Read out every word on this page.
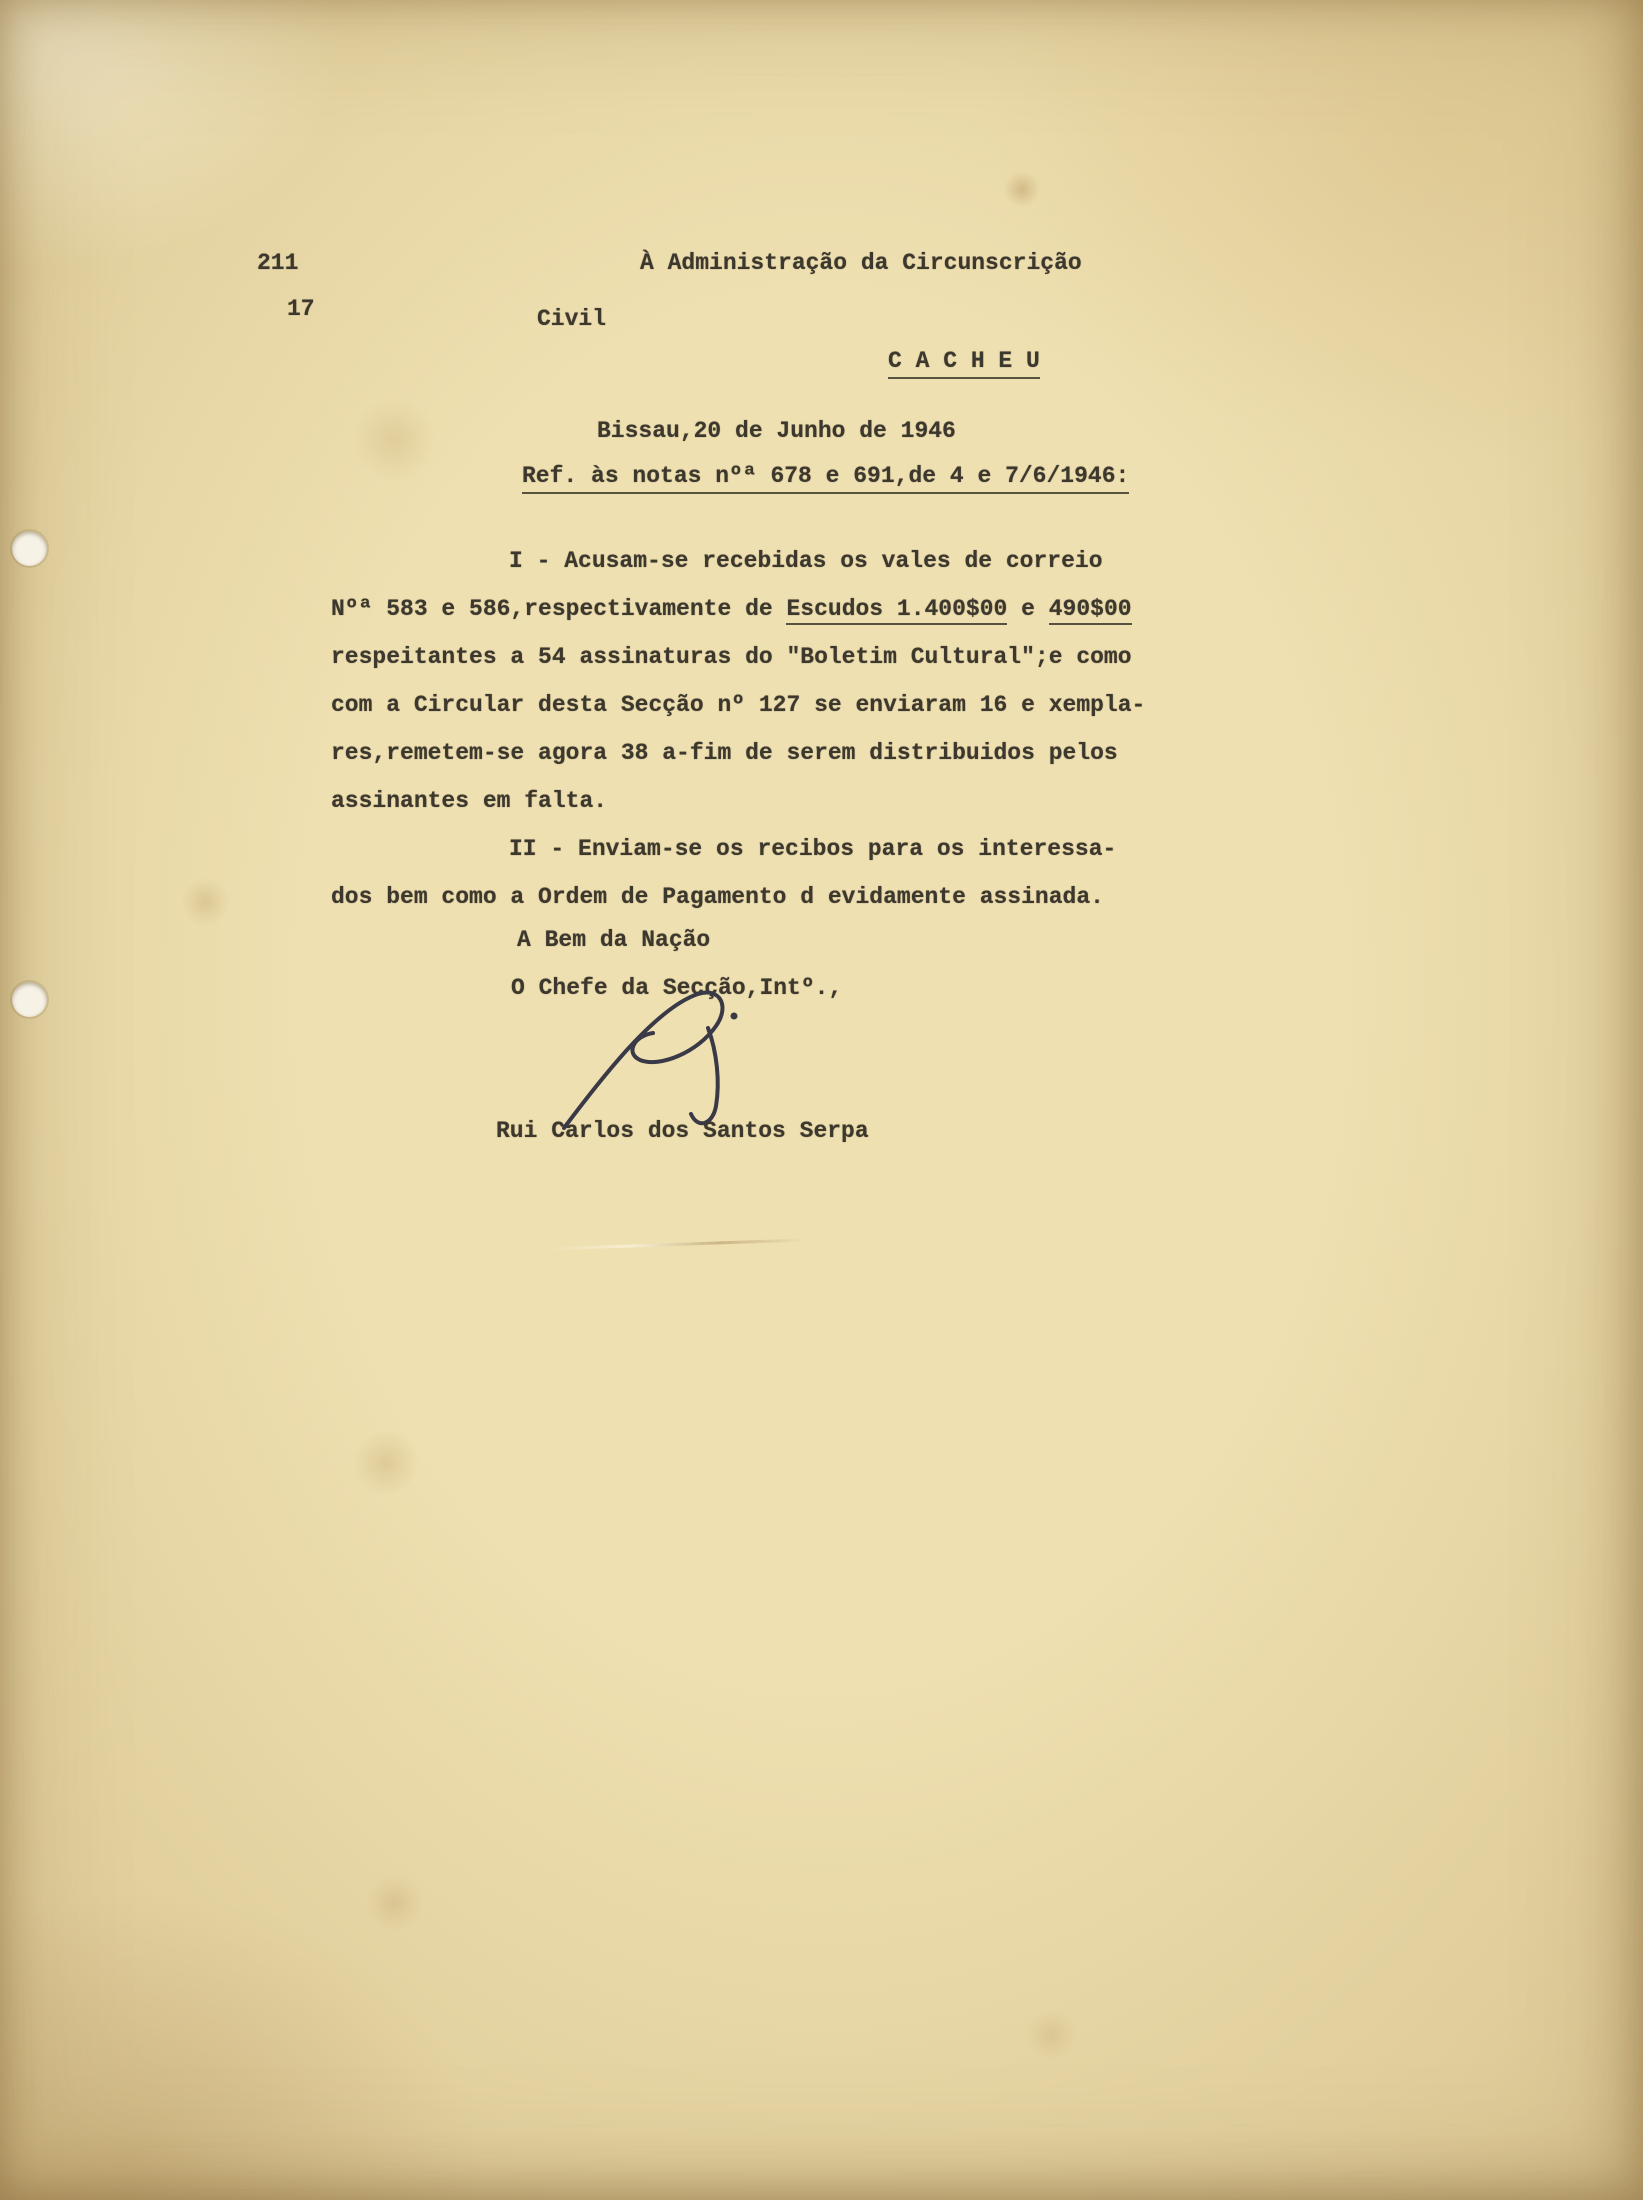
211
17
À Administração da Circunscrição
Civil
C A C H E U
Bissau,20 de Junho de 1946
Ref. às notas nºª 678 e 691,de 4 e 7/6/1946:
I - Acusam-se recebidas os vales de correio
Nºª 583 e 586,respectivamente de Escudos 1.400$00 e 490$00
respeitantes a 54 assinaturas do "Boletim Cultural";e como
com a Circular desta Secção nº 127 se enviaram 16 e xempla-
res,remetem-se agora 38 a-fim de serem distribuidos pelos
assinantes em falta.
II - Enviam-se os recibos para os interessa-
dos bem como a Ordem de Pagamento d evidamente assinada.
A Bem da Nação
O Chefe da Secção,Intº.,
Rui Carlos dos Santos Serpa
